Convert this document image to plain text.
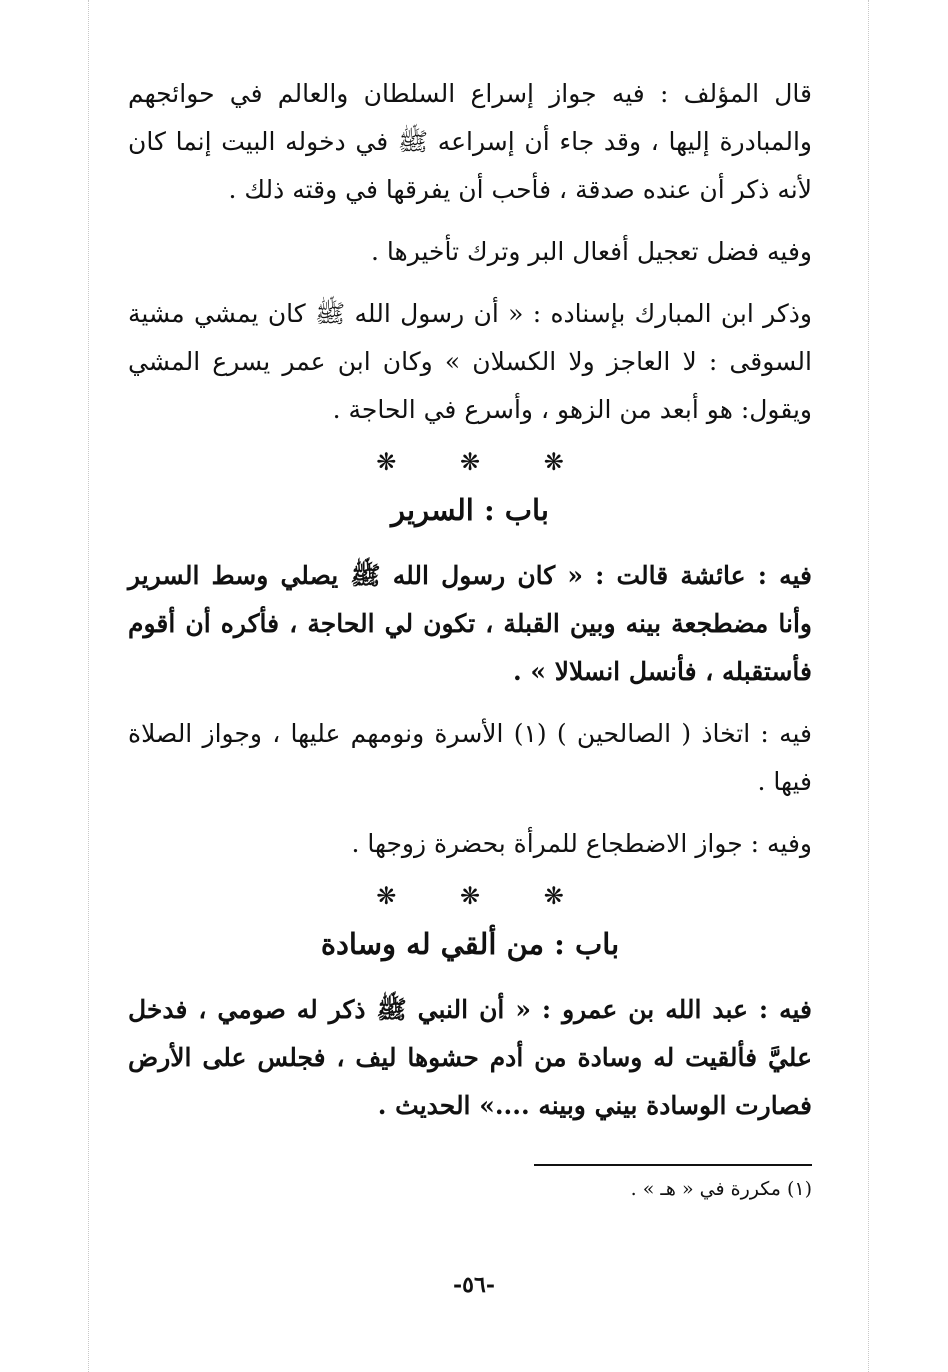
قال المؤلف : فيه جواز إسراع السلطان والعالم في حوائجهم والمبادرة إليها ، وقد جاء أن إسراعه ﷺ في دخوله البيت إنما كان لأنه ذكر أن عنده صدقة ، فأحب أن يفرقها في وقته ذلك .

وفيه فضل تعجيل أفعال البر وترك تأخيرها .

وذكر ابن المبارك بإسناده : « أن رسول الله ﷺ كان يمشي مشية السوقى : لا العاجز ولا الكسلان » وكان ابن عمر يسرع المشي ويقول: هو أبعد من الزهو ، وأسرع في الحاجة .

❋	❋	❋
باب : السرير

فيه : عائشة قالت : « كان رسول الله ﷺ يصلي وسط السرير وأنا مضطجعة بينه وبين القبلة ، تكون لي الحاجة ، فأكره أن أقوم فأستقبله ، فأنسل انسلالا » .

فيه : اتخاذ ( الصالحين ) (١) الأسرة ونومهم عليها ، وجواز الصلاة فيها .

وفيه : جواز الاضطجاع للمرأة بحضرة زوجها .

❋	❋	❋
باب : من ألقي له وسادة

فيه : عبد الله بن عمرو : « أن النبي ﷺ ذكر له صومي ، فدخل عليَّ فألقيت له وسادة من أدم حشوها ليف ، فجلس على الأرض فصارت الوسادة بيني وبينه ....» الحديث .

(١) مكررة في « هـ » .

-٥٦-
